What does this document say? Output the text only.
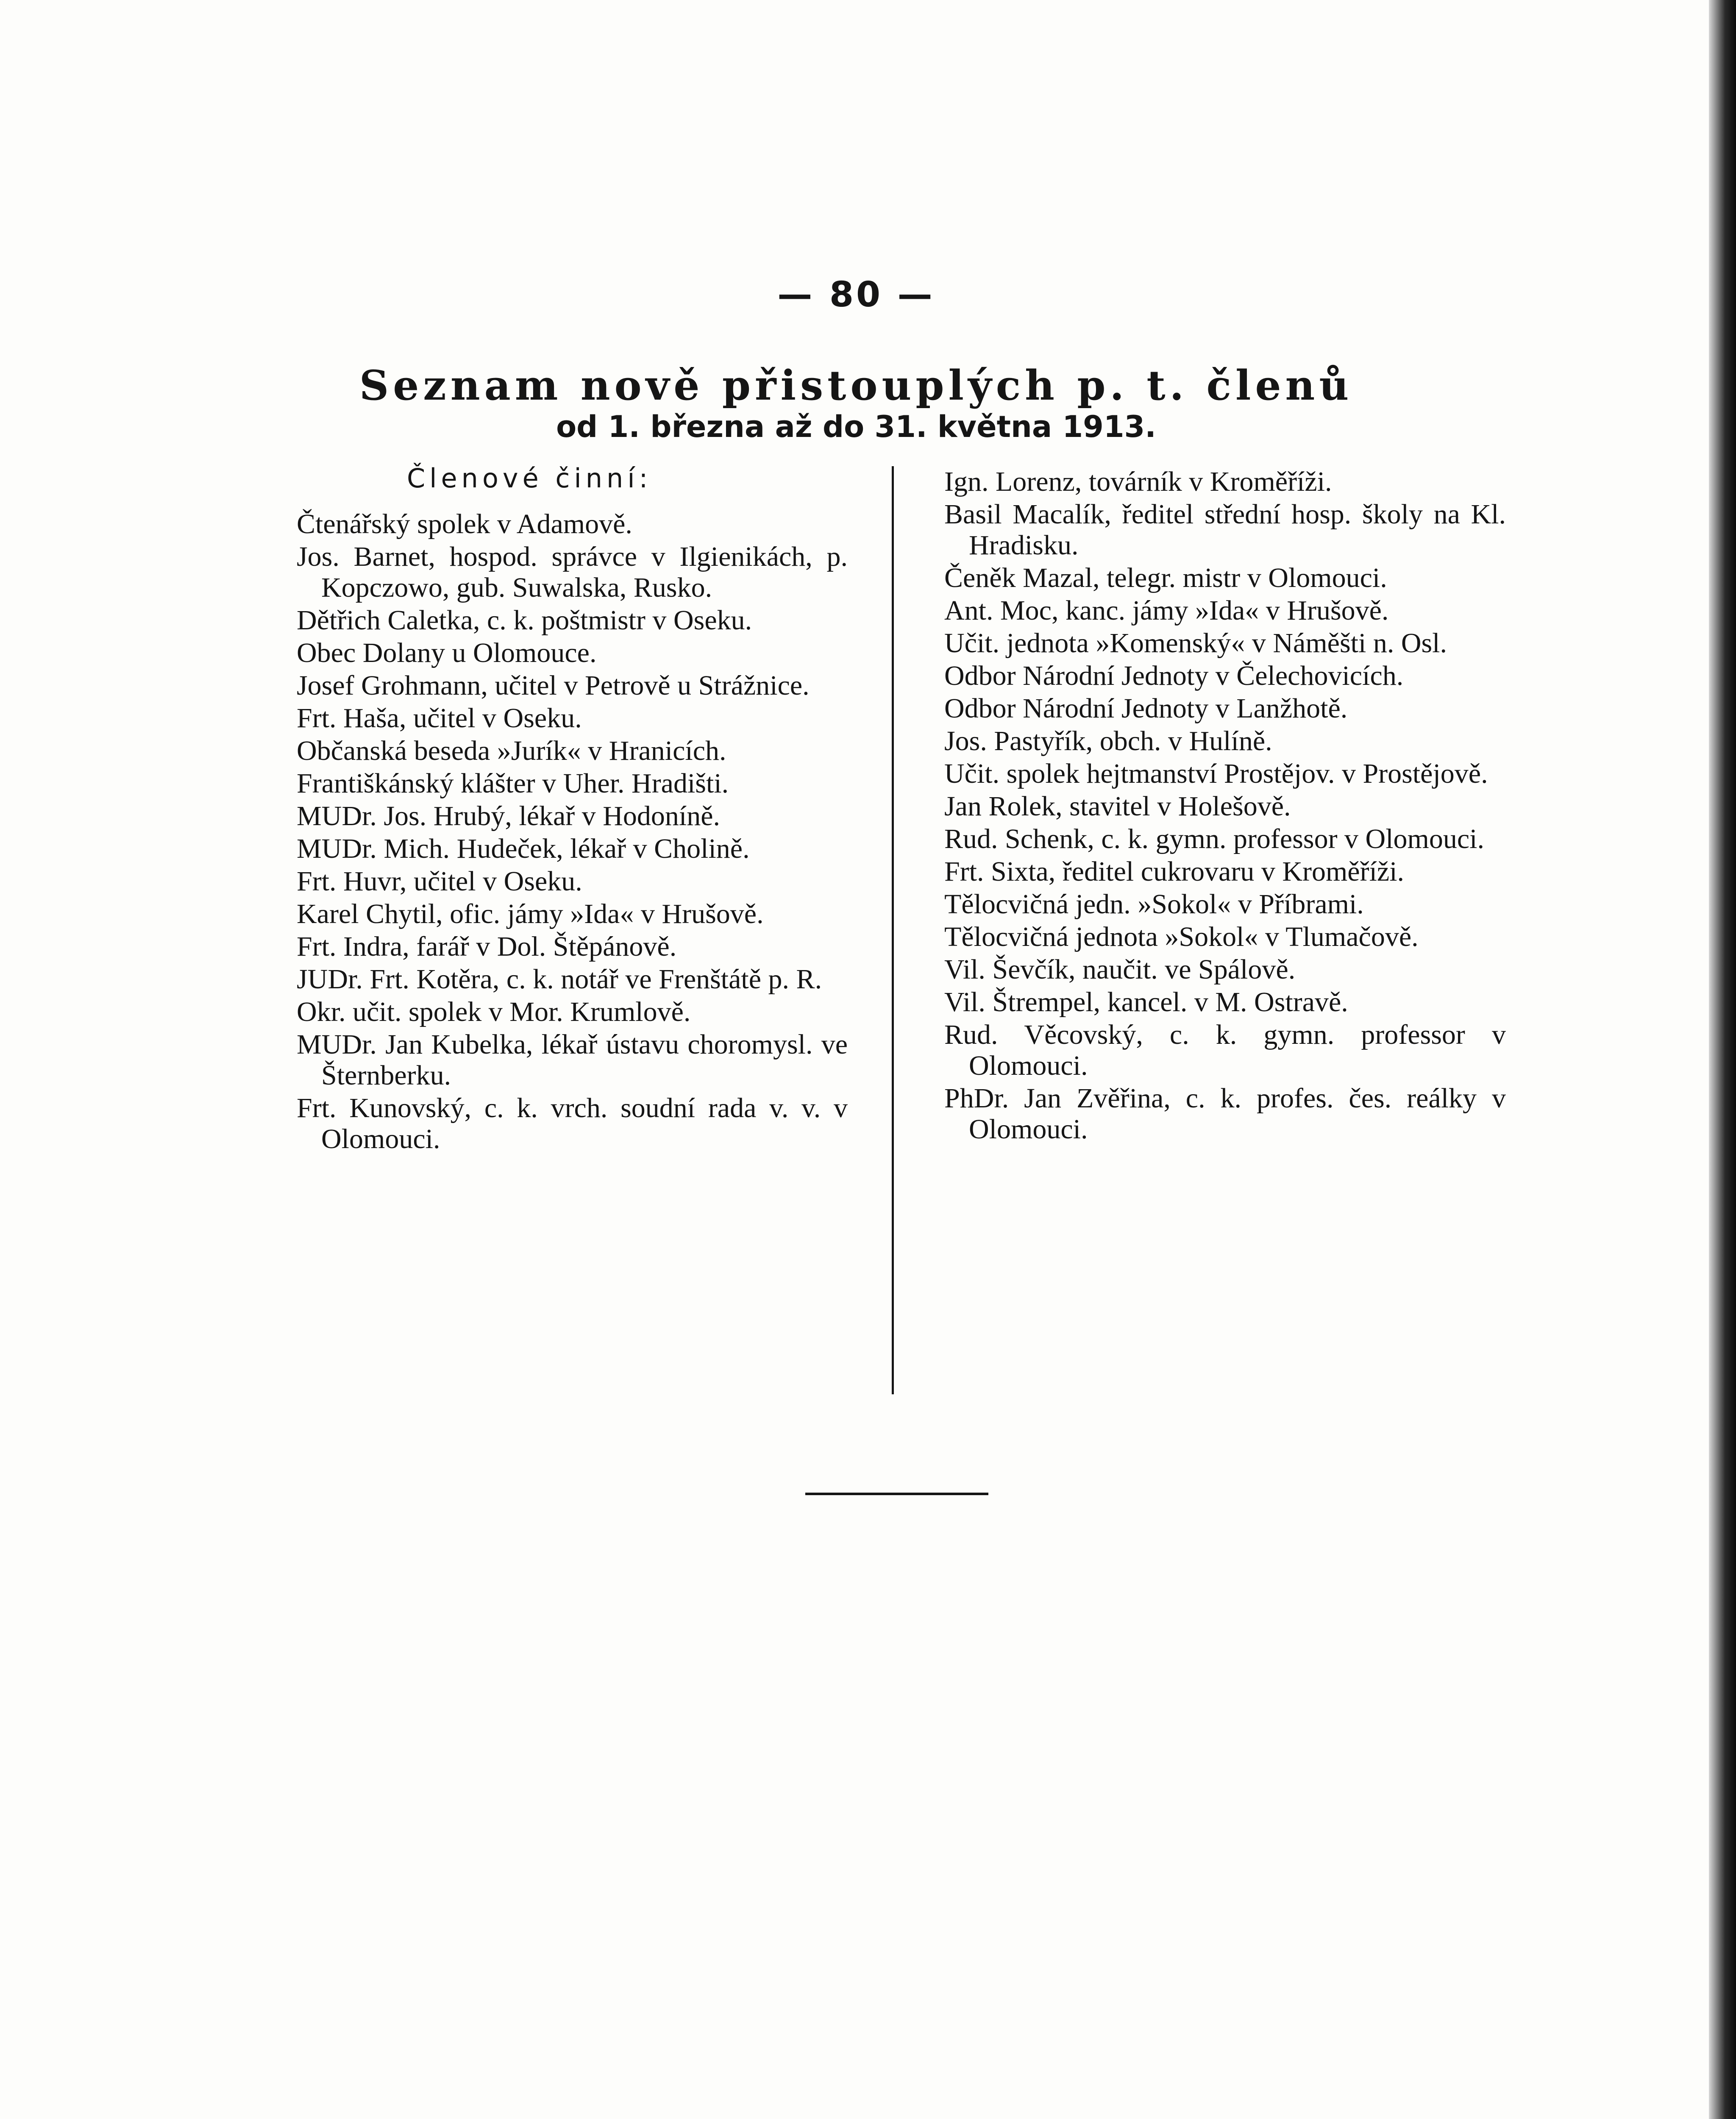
— 80 —
Seznam nově přistouplých p. t. členů
od 1. března až do 31. května 1913.
Členové činní:

Čtenářský spolek v Adamově.

Jos. Barnet, hospod. správce v Ilgienikách, p. Kopczowo, gub. Suwalska, Rusko.

Dětřich Caletka, c. k. poštmistr v Oseku.

Obec Dolany u Olomouce.

Josef Grohmann, učitel v Petrově u Strážnice.

Frt. Haša, učitel v Oseku.

Občanská beseda »Jurík« v Hranicích.

Františkánský klášter v Uher. Hradišti.

MUDr. Jos. Hrubý, lékař v Hodoníně.

MUDr. Mich. Hudeček, lékař v Cholině.

Frt. Huvr, učitel v Oseku.

Karel Chytil, ofic. jámy »Ida« v Hrušově.

Frt. Indra, farář v Dol. Štěpánově.

JUDr. Frt. Kotěra, c. k. notář ve Frenštátě p. R.

Okr. učit. spolek v Mor. Krumlově.

MUDr. Jan Kubelka, lékař ústavu choromysl. ve Šternberku.

Frt. Kunovský, c. k. vrch. soudní rada v. v. v Olomouci.

Ign. Lorenz, továrník v Kroměříži.

Basil Macalík, ředitel střední hosp. školy na Kl. Hradisku.

Čeněk Mazal, telegr. mistr v Olomouci.

Ant. Moc, kanc. jámy »Ida« v Hrušově.

Učit. jednota »Komenský« v Náměšti n. Osl.

Odbor Národní Jednoty v Čelechovicích.

Odbor Národní Jednoty v Lanžhotě.

Jos. Pastyřík, obch. v Hulíně.

Učit. spolek hejtmanství Prostějov. v Prostějově.

Jan Rolek, stavitel v Holešově.

Rud. Schenk, c. k. gymn. professor v Olomouci.

Frt. Sixta, ředitel cukrovaru v Kroměříži.

Tělocvičná jedn. »Sokol« v Příbrami.

Tělocvičná jednota »Sokol« v Tlumačově.

Vil. Ševčík, naučit. ve Spálově.

Vil. Štrempel, kancel. v M. Ostravě.

Rud. Věcovský, c. k. gymn. professor v Olomouci.

PhDr. Jan Zvěřina, c. k. profes. čes. reálky v Olomouci.
